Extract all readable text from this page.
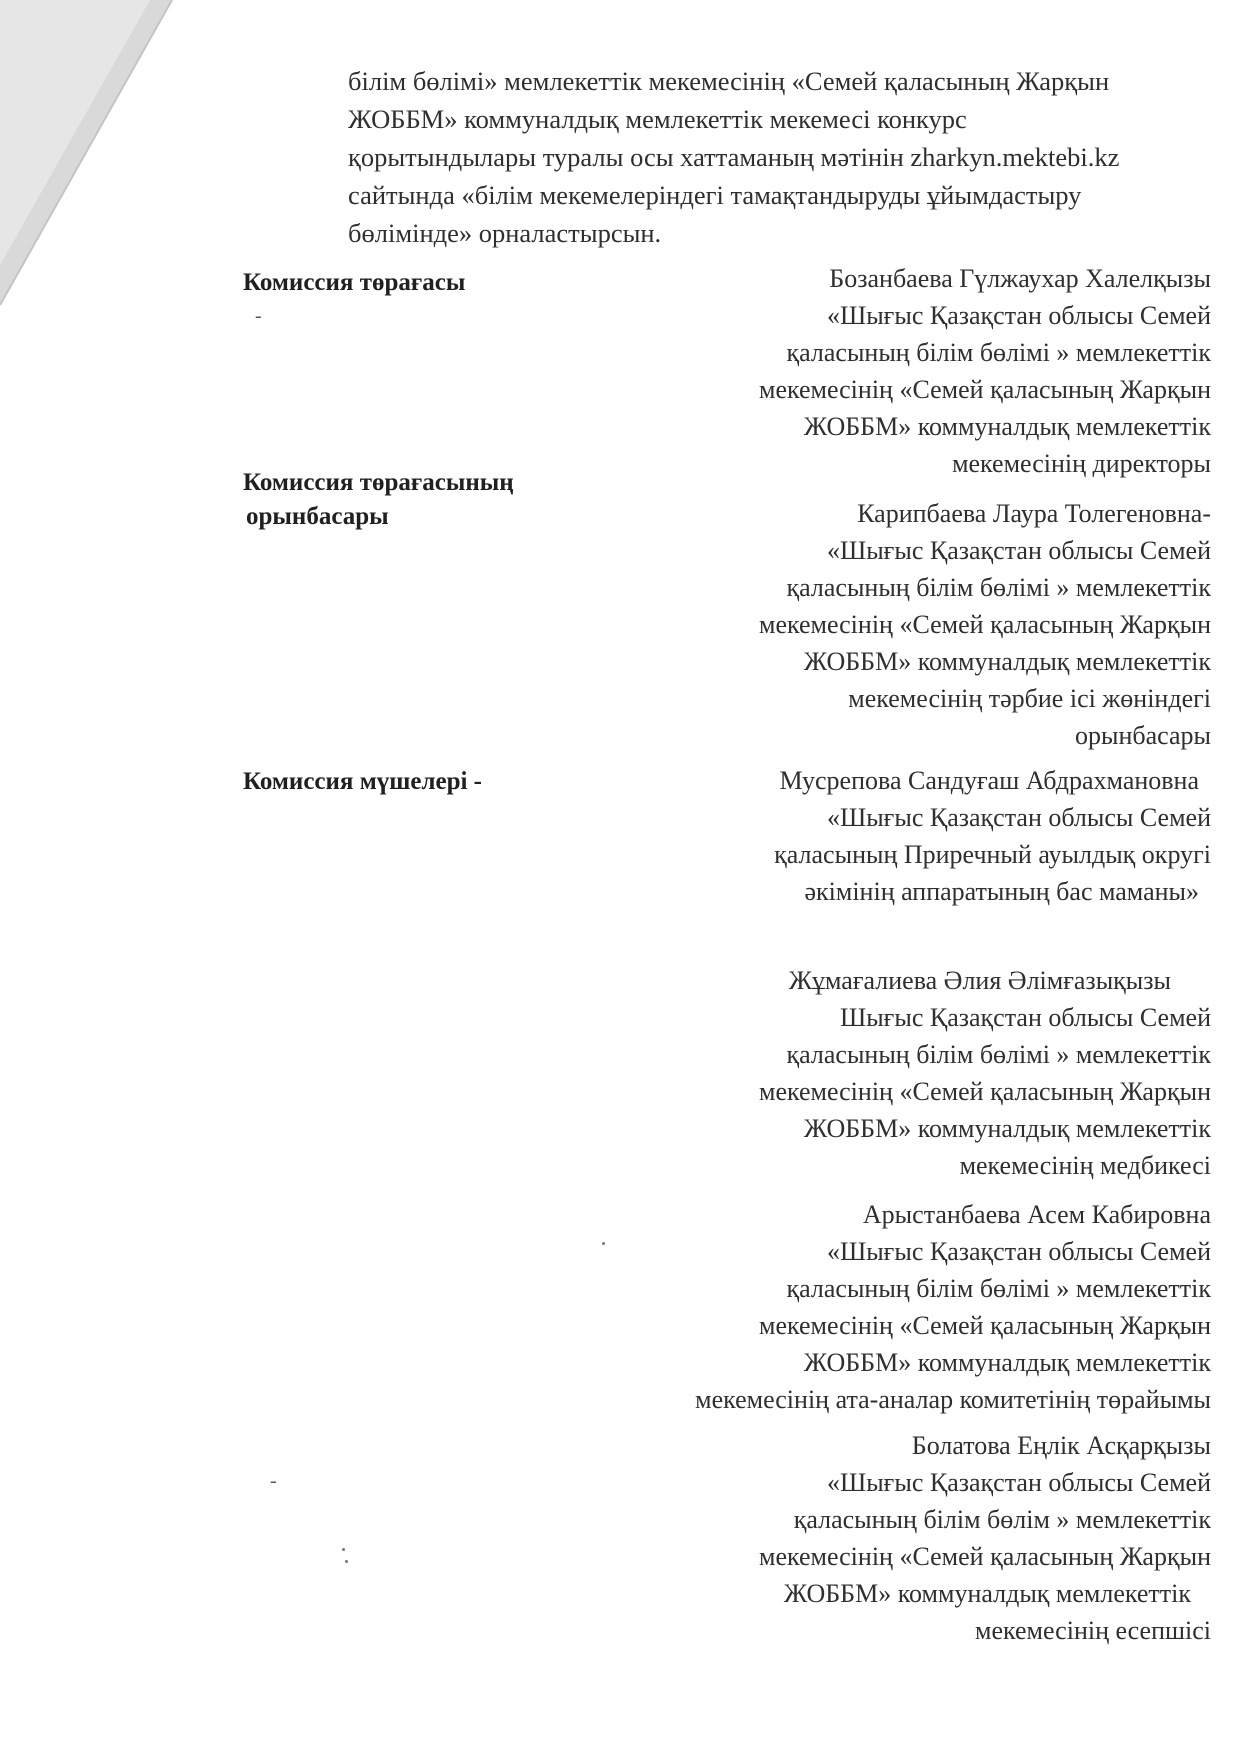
білім бөлімі» мемлекеттік мекемесінің «Семей қаласының Жарқын
ЖОББМ» коммуналдық мемлекеттік мекемесі конкурс
қорытындылары туралы осы хаттаманың мәтінін zharkyn.mektebi.kz
сайтында «білім мекемелеріндегі тамақтандыруды ұйымдастыру
бөлімінде» орналастырсын.

Комиссия төрағасы
-

Бозанбаева Гүлжаухар Халелқызы
«Шығыс Қазақстан облысы Семей
қаласының білім бөлімі » мемлекеттік
мекемесінің «Семей қаласының Жарқын
ЖОББМ» коммуналдық мемлекеттік
мекемесінің директоры

Комиссия төрағасының
орынбасары	Карипбаева Лаура Толегеновна-
«Шығыс Қазақстан облысы Семей
қаласының білім бөлімі » мемлекеттік
мекемесінің «Семей қаласының Жарқын
ЖОББМ» коммуналдық мемлекеттік
мекемесінің тәрбие ісі жөніндегі
орынбасары

Комиссия мүшелері -	Мусрепова Сандуғаш Абдрахмановна
«Шығыс Қазақстан облысы Семей
қаласының Приречный ауылдық округі
әкімінің аппаратының бас маманы»

Жұмағалиева Әлия Әлімғазықызы
Шығыс Қазақстан облысы Семей
қаласының білім бөлімі » мемлекеттік
мекемесінің «Семей қаласының Жарқын
ЖОББМ» коммуналдық мемлекеттік
мекемесінің медбикесі

Арыстанбаева Асем Кабировна
«Шығыс Қазақстан облысы Семей
қаласының білім бөлімі » мемлекеттік
мекемесінің «Семей қаласының Жарқын
ЖОББМ» коммуналдық мемлекеттік
мекемесінің ата-аналар комитетінің төрайымы

Болатова Еңлік Асқарқызы
«Шығыс Қазақстан облысы Семей
қаласының білім бөлім » мемлекеттік
мекемесінің «Семей қаласының Жарқын
ЖОББМ» коммуналдық мемлекеттік
мекемесінің есепшісі

-
